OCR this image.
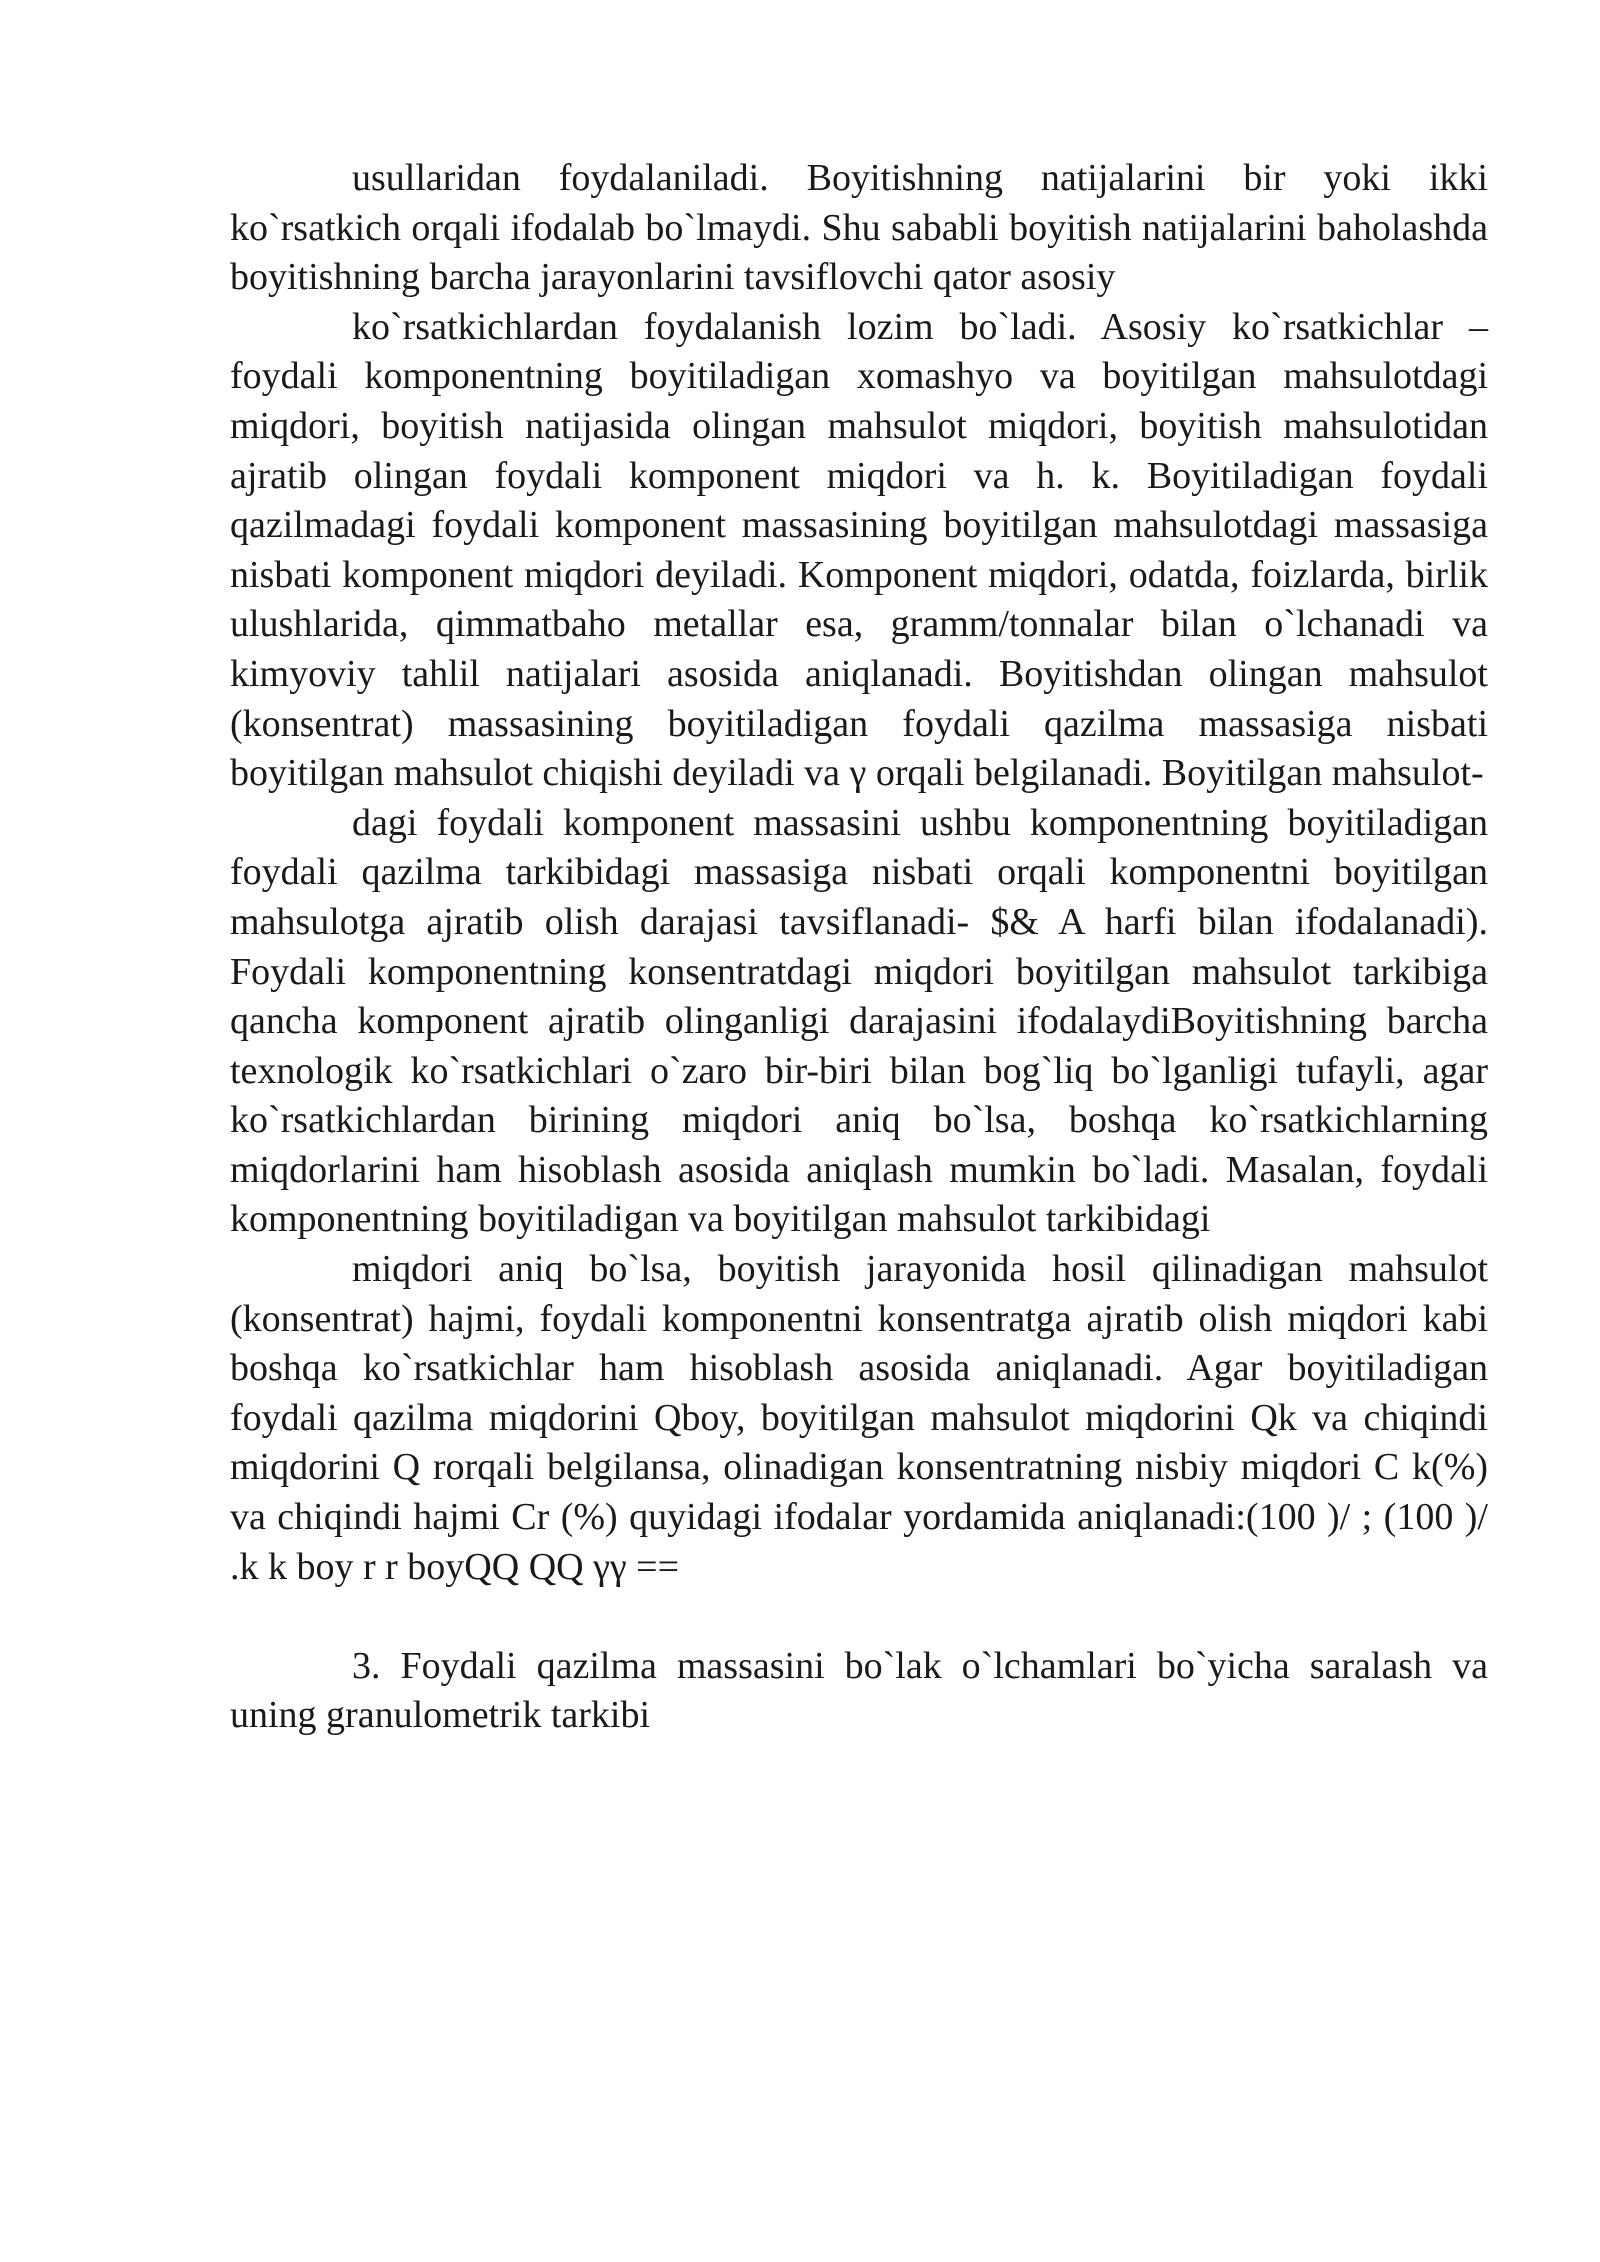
usullaridan foydalaniladi. Boyitishning natijalarini bir yoki ikki ko`rsatkich orqali ifodalab bo`lmaydi. Shu sababli boyitish natijalarini baholashda boyitishning barcha jarayonlarini tavsiflovchi qator asosiy

ko`rsatkichlardan foydalanish lozim bo`ladi. Asosiy ko`rsatkichlar – foydali komponentning boyitiladigan xomashyo va boyitilgan mahsulotdagi miqdori, boyitish natijasida olingan mahsulot miqdori, boyitish mahsulotidan ajratib olingan foydali komponent miqdori va h. k. Boyitiladigan foydali qazilmadagi foydali komponent massasining boyitilgan mahsulotdagi massasiga nisbati komponent miqdori deyiladi. Komponent miqdori, odatda, foizlarda, birlik ulushlarida, qimmatbaho metallar esa, gramm/tonnalar bilan o`lchanadi va kimyoviy tahlil natijalari asosida aniqlanadi. Boyitishdan olingan mahsulot (konsentrat) massasining boyitiladigan foydali qazilma massasiga nisbati boyitilgan mahsulot chiqishi deyiladi va γ orqali belgilanadi. Boyitilgan mahsulot-

dagi foydali komponent massasini ushbu komponentning boyitiladigan foydali qazilma tarkibidagi massasiga nisbati orqali komponentni boyitilgan mahsulotga ajratib olish darajasi tavsiflanadi- $& A harfi bilan ifodalanadi). Foydali komponentning konsentratdagi miqdori boyitilgan mahsulot tarkibiga qancha komponent ajratib olinganligi darajasini ifodalaydiBoyitishning barcha texnologik ko`rsatkichlari o`zaro bir-biri bilan bog`liq bo`lganligi tufayli, agar ko`rsatkichlardan birining miqdori aniq bo`lsa, boshqa ko`rsatkichlarning miqdorlarini ham hisoblash asosida aniqlash mumkin bo`ladi. Masalan, foydali komponentning boyitiladigan va boyitilgan mahsulot tarkibidagi

miqdori aniq bo`lsa, boyitish jarayonida hosil qilinadigan mahsulot (konsentrat) hajmi, foydali komponentni konsentratga ajratib olish miqdori kabi boshqa ko`rsatkichlar ham hisoblash asosida aniqlanadi. Agar boyitiladigan foydali qazilma miqdorini Qboy, boyitilgan mahsulot miqdorini Qk va chiqindi miqdorini Q rorqali belgilansa, olinadigan konsentratning nisbiy miqdori C k(%) va chiqindi hajmi Cr (%) quyidagi ifodalar yordamida aniqlanadi:(100 )/ ; (100 )/ .k k boy r r boyQQ QQ γγ ==

3. Foydali qazilma massasini bo`lak o`lchamlari bo`yicha saralash va uning granulometrik tarkibi
